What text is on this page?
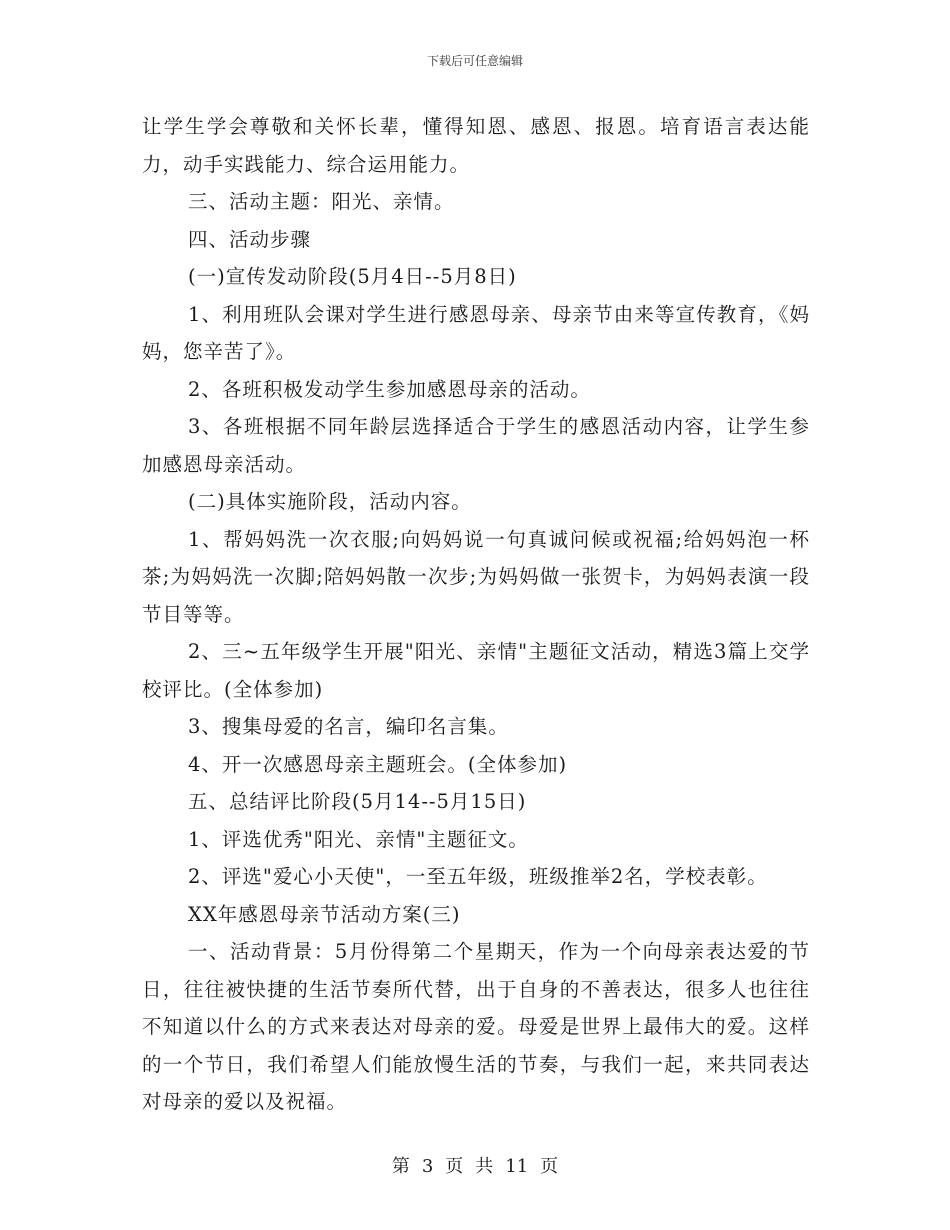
下载后可任意编辑

让学生学会尊敬和关怀长辈，懂得知恩、感恩、报恩。培育语言表达能力，动手实践能力、综合运用能力。

三、活动主题：阳光、亲情。

四、活动步骤

(一)宣传发动阶段(5月4日--5月8日)

1、利用班队会课对学生进行感恩母亲、母亲节由来等宣传教育，《妈妈，您辛苦了》。

2、各班积极发动学生参加感恩母亲的活动。

3、各班根据不同年龄层选择适合于学生的感恩活动内容，让学生参加感恩母亲活动。

(二)具体实施阶段，活动内容。

1、帮妈妈洗一次衣服;向妈妈说一句真诚问候或祝福;给妈妈泡一杯茶;为妈妈洗一次脚;陪妈妈散一次步;为妈妈做一张贺卡，为妈妈表演一段节目等等。

2、三~五年级学生开展"阳光、亲情"主题征文活动，精选3篇上交学校评比。(全体参加)

3、搜集母爱的名言，编印名言集。

4、开一次感恩母亲主题班会。(全体参加)

五、总结评比阶段(5月14--5月15日)

1、评选优秀"阳光、亲情"主题征文。

2、评选"爱心小天使"，一至五年级，班级推举2名，学校表彰。

XX年感恩母亲节活动方案(三)

一、活动背景：5月份得第二个星期天，作为一个向母亲表达爱的节日，往往被快捷的生活节奏所代替，出于自身的不善表达，很多人也往往不知道以什么的方式来表达对母亲的爱。母爱是世界上最伟大的爱。这样的一个节日，我们希望人们能放慢生活的节奏，与我们一起，来共同表达对母亲的爱以及祝福。

第 3 页 共 11 页
